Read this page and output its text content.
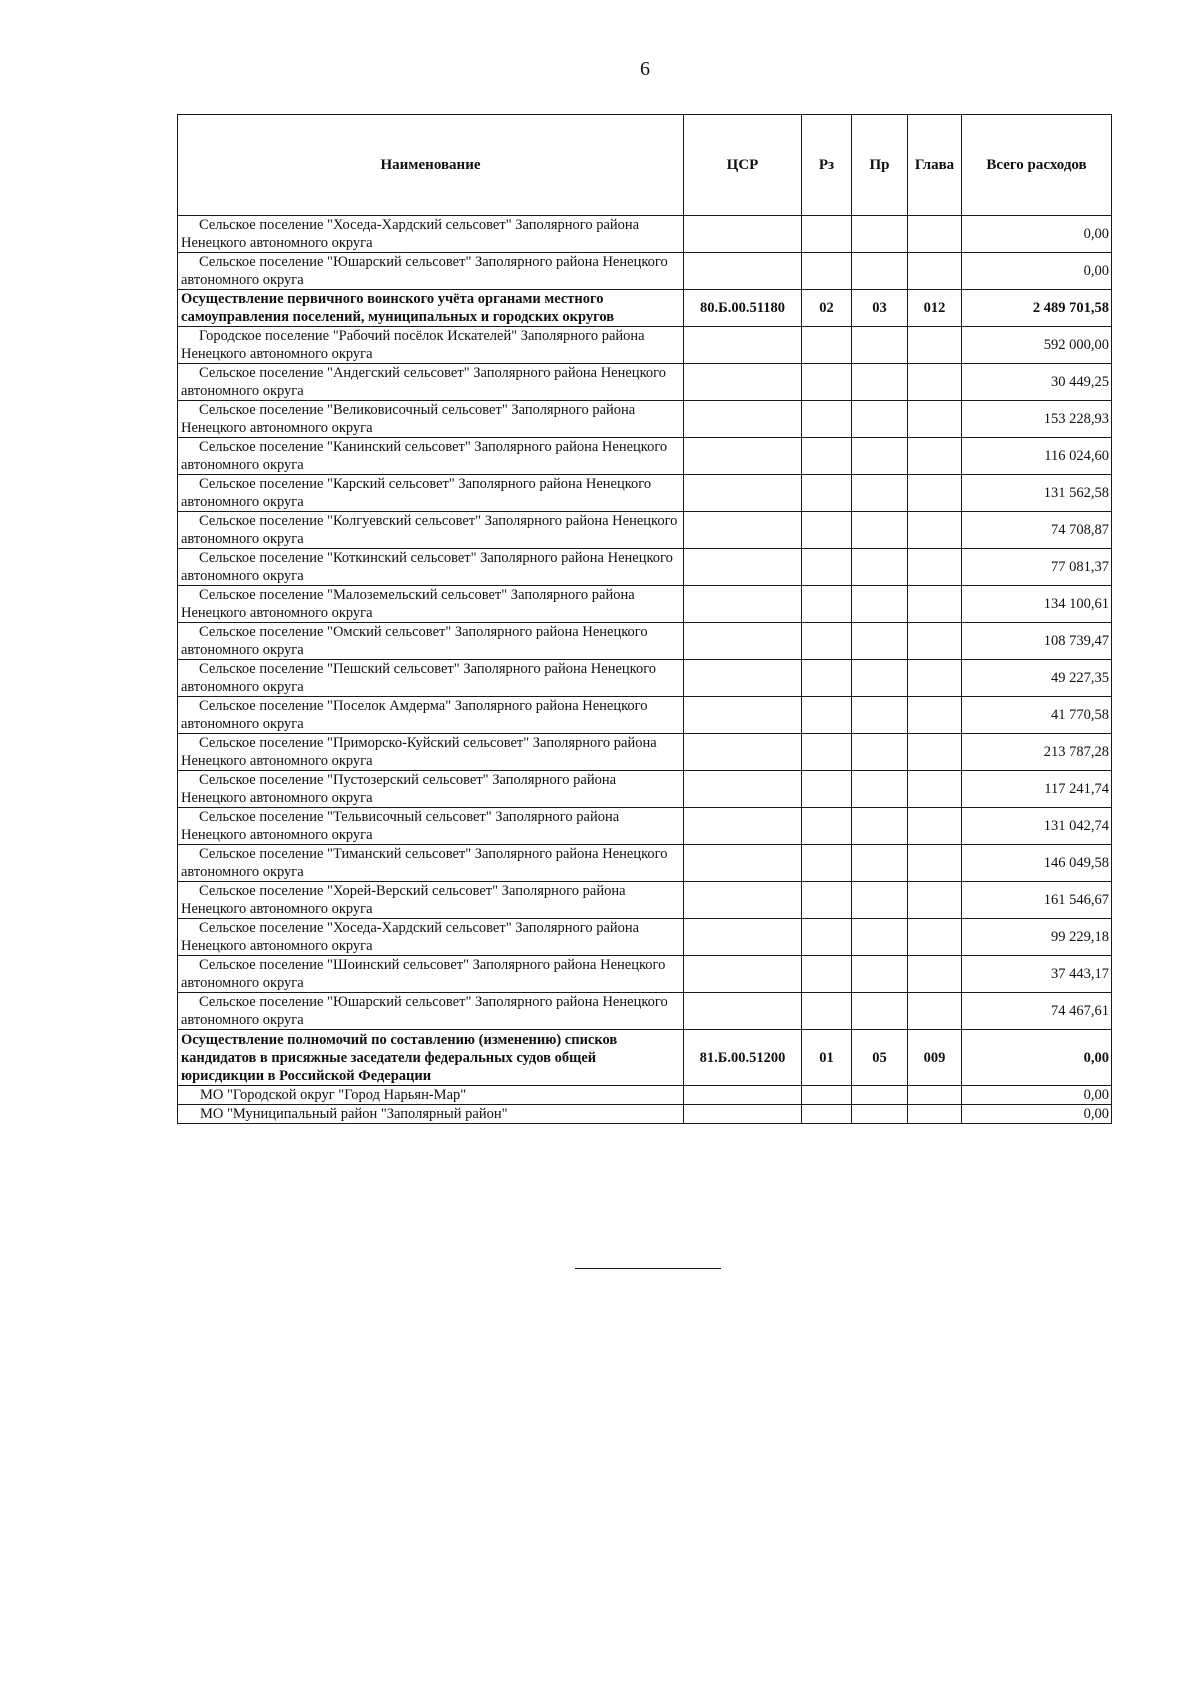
6
Наименование	ЦСР	Рз	Пр	Глава	Всего расходов
Сельское поселение "Хоседа-Хардский сельсовет" Заполярного района Ненецкого автономного округа					0,00
Сельское поселение "Юшарский сельсовет" Заполярного района Ненецкого автономного округа					0,00
Осуществление первичного воинского учёта органами местного самоуправления поселений, муниципальных и городских округов	80.Б.00.51180	02	03	012	2 489 701,58
Городское поселение "Рабочий посёлок Искателей" Заполярного района Ненецкого автономного округа					592 000,00
Сельское поселение "Андегский сельсовет" Заполярного района Ненецкого автономного округа					30 449,25
Сельское поселение "Великовисочный сельсовет" Заполярного района Ненецкого автономного округа					153 228,93
Сельское поселение "Канинский сельсовет" Заполярного района Ненецкого автономного округа					116 024,60
Сельское поселение "Карский сельсовет" Заполярного района Ненецкого автономного округа					131 562,58
Сельское поселение "Колгуевский сельсовет" Заполярного района Ненецкого автономного округа					74 708,87
Сельское поселение "Коткинский сельсовет" Заполярного района Ненецкого автономного округа					77 081,37
Сельское поселение "Малоземельский сельсовет" Заполярного района Ненецкого автономного округа					134 100,61
Сельское поселение "Омский сельсовет" Заполярного района Ненецкого автономного округа					108 739,47
Сельское поселение "Пешский сельсовет" Заполярного района Ненецкого автономного округа					49 227,35
Сельское поселение "Поселок Амдерма" Заполярного района Ненецкого автономного округа					41 770,58
Сельское поселение "Приморско-Куйский сельсовет" Заполярного района Ненецкого автономного округа					213 787,28
Сельское поселение "Пустозерский сельсовет" Заполярного района Ненецкого автономного округа					117 241,74
Сельское поселение "Тельвисочный сельсовет" Заполярного района Ненецкого автономного округа					131 042,74
Сельское поселение "Тиманский сельсовет" Заполярного района Ненецкого автономного округа					146 049,58
Сельское поселение "Хорей-Верский сельсовет" Заполярного района Ненецкого автономного округа					161 546,67
Сельское поселение "Хоседа-Хардский сельсовет" Заполярного района Ненецкого автономного округа					99 229,18
Сельское поселение "Шоинский сельсовет" Заполярного района Ненецкого автономного округа					37 443,17
Сельское поселение "Юшарский сельсовет" Заполярного района Ненецкого автономного округа					74 467,61
Осуществление полномочий по составлению (изменению) списков кандидатов в присяжные заседатели федеральных судов общей юрисдикции в Российской Федерации	81.Б.00.51200	01	05	009	0,00
МО "Городской округ "Город Нарьян-Мар"					0,00
МО "Муниципальный район "Заполярный район"					0,00
